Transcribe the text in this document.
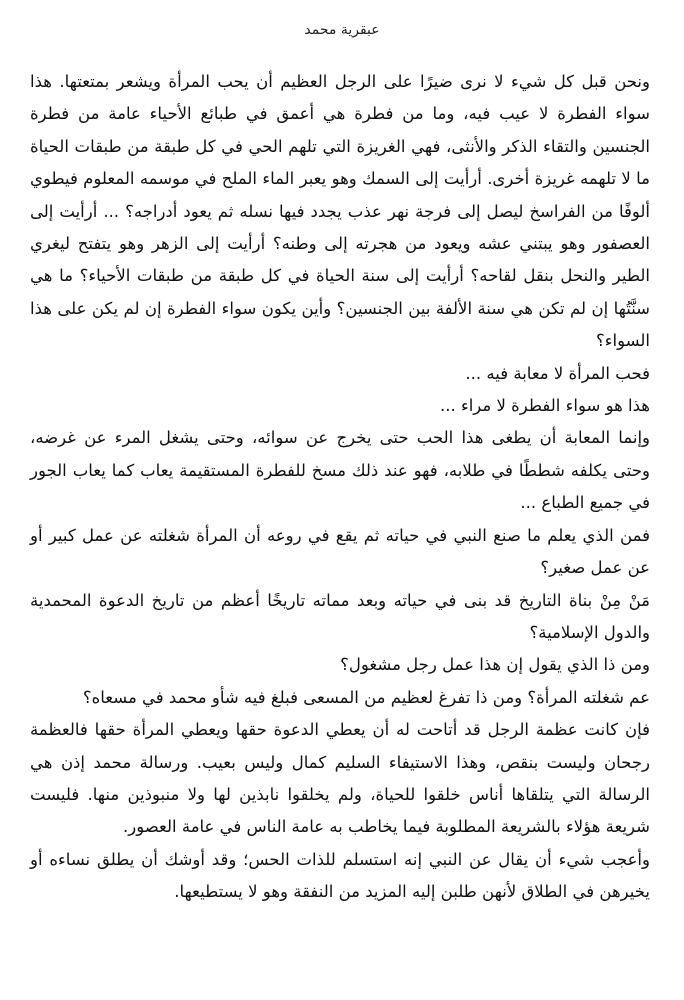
عبقرية محمد

ونحن قبل كل شيء لا نرى ضيرًا على الرجل العظيم أن يحب المرأة ويشعر بمتعتها. هذا سواء الفطرة لا عيب فيه، وما من فطرة هي أعمق في طبائع الأحياء عامة من فطرة الجنسين والتقاء الذكر والأنثى، فهي الغريزة التي تلهم الحي في كل طبقة من طبقات الحياة ما لا تلهمه غريزة أخرى. أرأيت إلى السمك وهو يعبر الماء الملح في موسمه المعلوم فيطوي ألوفًا من الفراسخ ليصل إلى فرجة نهر عذب يجدد فيها نسله ثم يعود أدراجه؟ ... أرأيت إلى العصفور وهو يبتني عشه ويعود من هجرته إلى وطنه؟ أرأيت إلى الزهر وهو يتفتح ليغري الطير والنحل بنقل لقاحه؟ أرأيت إلى سنة الحياة في كل طبقة من طبقات الأحياء؟ ما هي سنَّتُها إن لم تكن هي سنة الألفة بين الجنسين؟ وأين يكون سواء الفطرة إن لم يكن على هذا السواء؟

فحب المرأة لا معابة فيه ...

هذا هو سواء الفطرة لا مراء ...

وإنما المعابة أن يطغى هذا الحب حتى يخرج عن سوائه، وحتى يشغل المرء عن غرضه، وحتى يكلفه شططًا في طلابه، فهو عند ذلك مسخ للفطرة المستقيمة يعاب كما يعاب الجور في جميع الطباع ...

فمن الذي يعلم ما صنع النبي في حياته ثم يقع في روعه أن المرأة شغلته عن عمل كبير أو عن عمل صغير؟

مَنْ مِنْ بناة التاريخ قد بنى في حياته وبعد مماته تاريخًا أعظم من تاريخ الدعوة المحمدية والدول الإسلامية؟

ومن ذا الذي يقول إن هذا عمل رجل مشغول؟

عم شغلته المرأة؟ ومن ذا تفرغ لعظيم من المسعى فبلغ فيه شأو محمد في مسعاه؟

فإن كانت عظمة الرجل قد أتاحت له أن يعطي الدعوة حقها ويعطي المرأة حقها فالعظمة رجحان وليست بنقص، وهذا الاستيفاء السليم كمال وليس بعيب. ورسالة محمد إذن هي الرسالة التي يتلقاها أناس خلقوا للحياة، ولم يخلقوا نابذين لها ولا منبوذين منها. فليست شريعة هؤلاء بالشريعة المطلوبة فيما يخاطب به عامة الناس في عامة العصور.

وأعجب شيء أن يقال عن النبي إنه استسلم للذات الحس؛ وقد أوشك أن يطلق نساءه أو يخيرهن في الطلاق لأنهن طلبن إليه المزيد من النفقة وهو لا يستطيعها.
